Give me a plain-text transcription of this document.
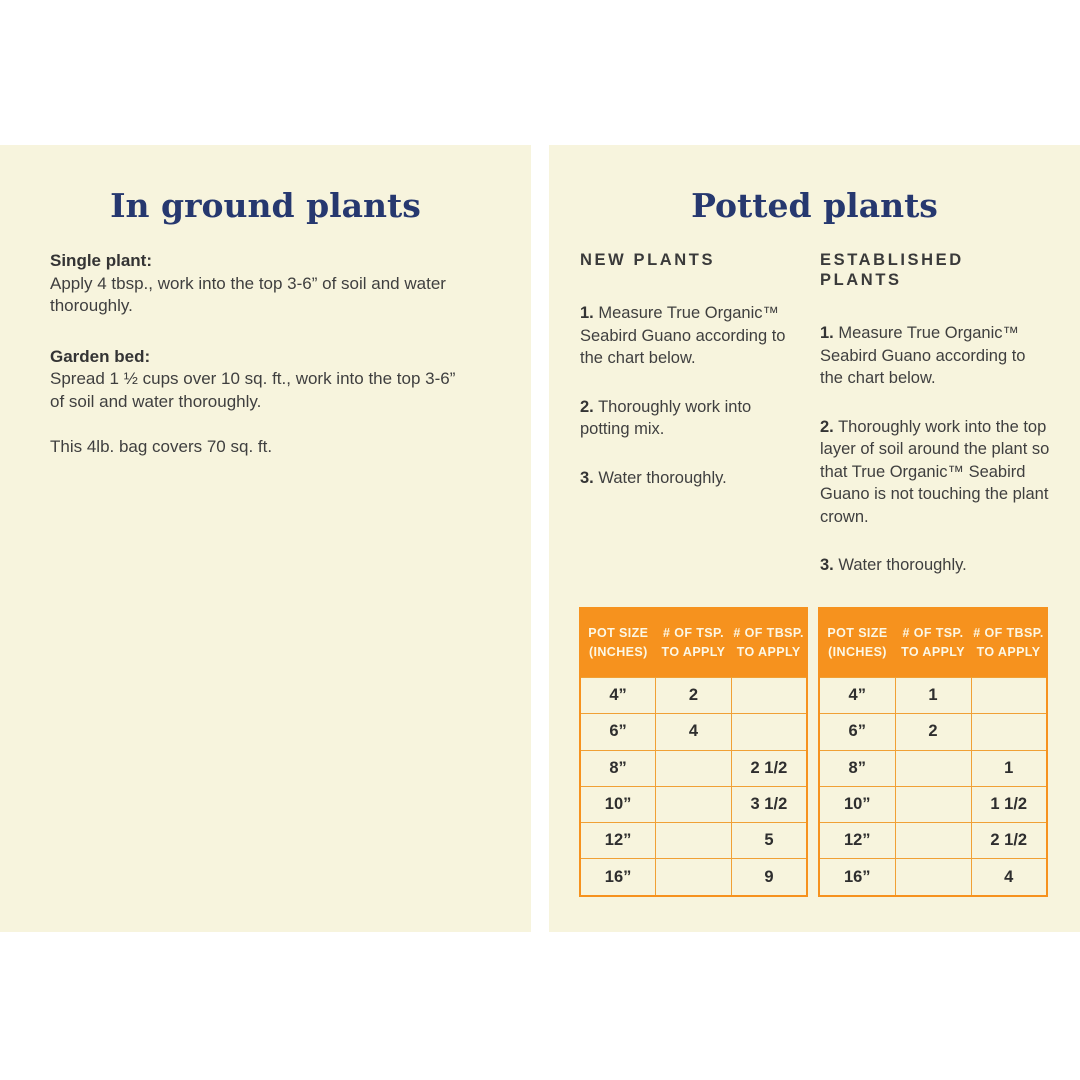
In ground plants

Single plant:
Apply 4 tbsp., work into the top 3-6” of soil and water thoroughly.

Garden bed:
Spread 1 ½ cups over 10 sq. ft., work into the top 3-6” of soil and water thoroughly.

This 4lb. bag covers 70 sq. ft.

Potted plants
NEW PLANTS

1. Measure True Organic™ Seabird Guano according to the chart below.

2. Thoroughly work into potting mix.

3. Water thoroughly.

ESTABLISHED PLANTS

1. Measure True Organic™ Seabird Guano according to the chart below.

2. Thoroughly work into the top layer of soil around the plant so that True Organic™ Seabird Guano is not touching the plant crown.

3. Water thoroughly.

POT SIZE
(INCHES)	# OF TSP.
TO APPLY	# OF TBSP.
TO APPLY

4”	2	
6”	4	
8”		2 1/2
10”		3 1/2
12”		5
16”		9
POT SIZE
(INCHES)	# OF TSP.
TO APPLY	# OF TBSP.
TO APPLY

4”	1	
6”	2	
8”		1
10”		1 1/2
12”		2 1/2
16”		4
